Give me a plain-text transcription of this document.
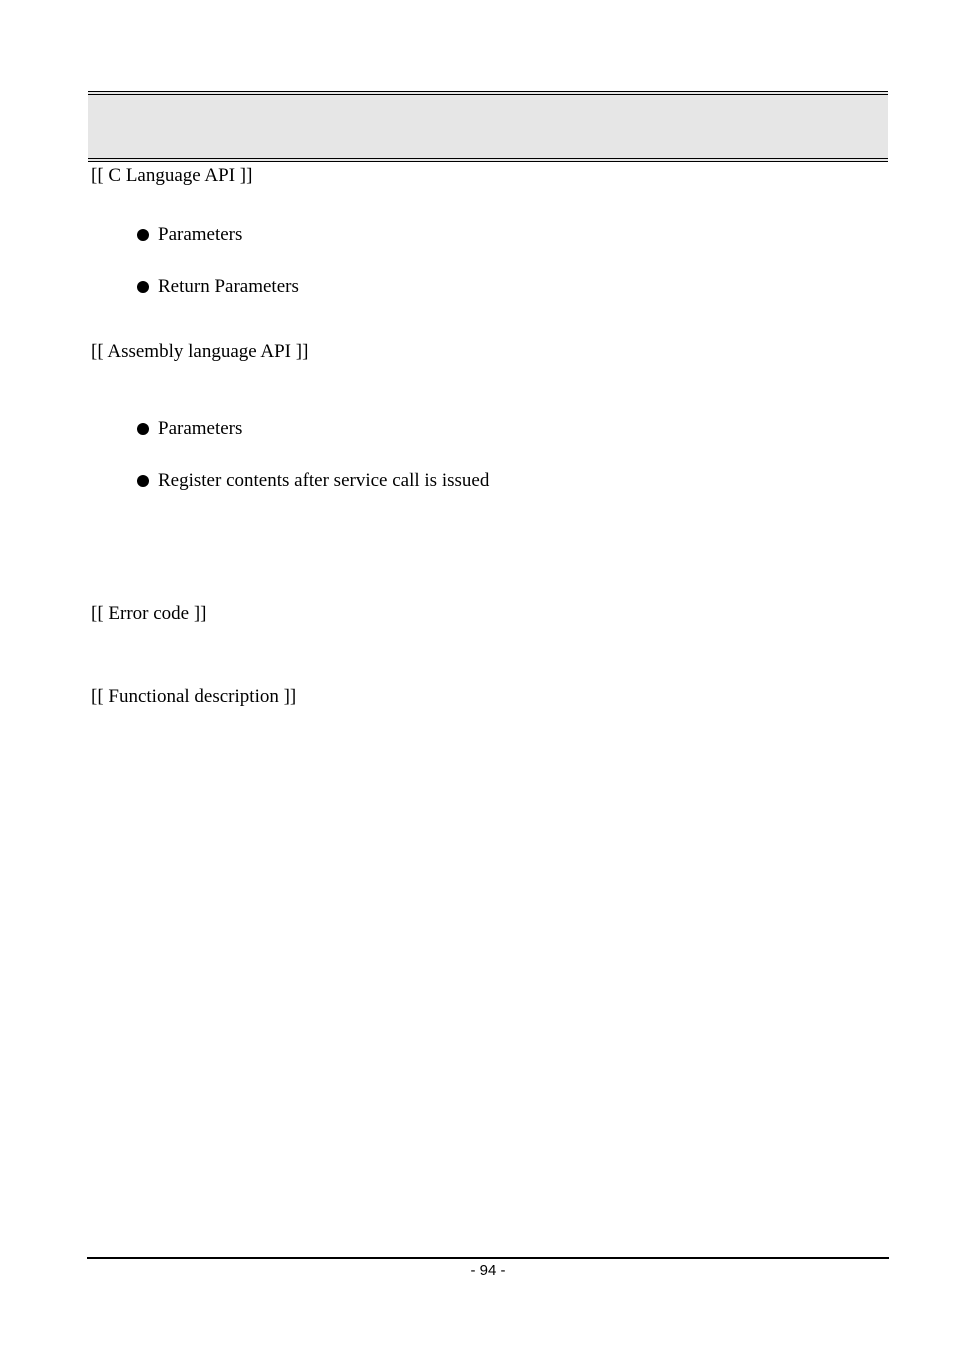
[[ C Language API ]]
Parameters
Return Parameters
[[ Assembly language API ]]
Parameters
Register contents after service call is issued
[[ Error code ]]
[[ Functional description ]]
- 94 -
